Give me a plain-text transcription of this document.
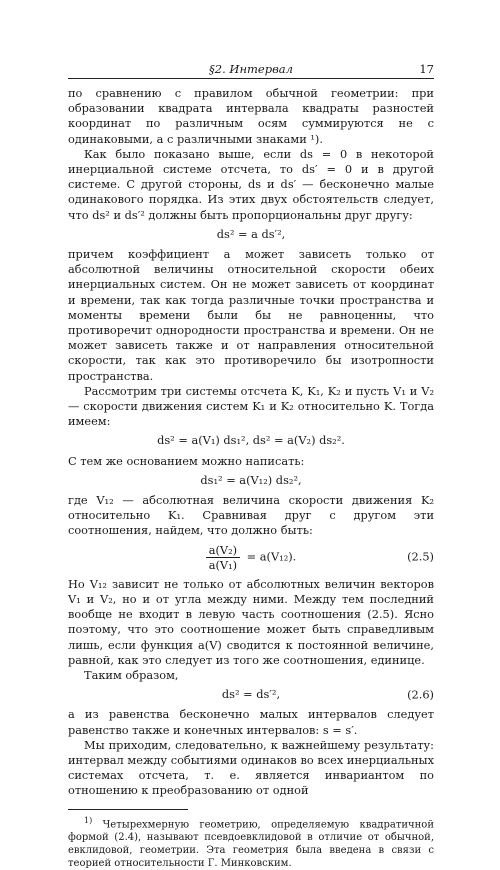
§2. Интервал	17

по сравнению с правилом обычной геометрии: при образовании квадрата интервала квадраты разностей координат по различным осям суммируются не с одинаковыми, а с различными знаками ¹).

Как было показано выше, если ds = 0 в некоторой инерциальной системе отсчета, то ds′ = 0 и в другой системе. С другой стороны, ds и ds′ — бесконечно малые одинакового порядка. Из этих двух обстоятельств следует, что ds² и ds′² должны быть пропорциональны друг другу:

ds² = a ds′²,

причем коэффициент a может зависеть только от абсолютной величины относительной скорости обеих инерциальных систем. Он не может зависеть от координат и времени, так как тогда различные точки пространства и моменты времени были бы не равноценны, что противоречит однородности пространства и времени. Он не может зависеть также и от направления относительной скорости, так как это противоречило бы изотропности пространства.

Рассмотрим три системы отсчета K, K₁, K₂ и пусть V₁ и V₂ — скорости движения систем K₁ и K₂ относительно K. Тогда имеем:

ds² = a(V₁) ds₁², ds² = a(V₂) ds₂².

С тем же основанием можно написать:

ds₁² = a(V₁₂) ds₂²,

где V₁₂ — абсолютная величина скорости движения K₂ относительно K₁. Сравнивая друг с другом эти соотношения, найдем, что должно быть:

$\frac{\text{a(V₂)}}{\text{a(V₁)}} = a(V_{12})$.	(2.5)

Но V₁₂ зависит не только от абсолютных величин векторов V₁ и V₂, но и от угла между ними. Между тем последний вообще не входит в левую часть соотношения (2.5). Ясно поэтому, что это соотношение может быть справедливым лишь, если функция a(V) сводится к постоянной величине, равной, как это следует из того же соотношения, единице.

Таким образом,

ds² = ds′²,	(2.6)

а из равенства бесконечно малых интервалов следует равенство также и конечных интервалов: s = s′.

Мы приходим, следовательно, к важнейшему результату: интервал между событиями одинаков во всех инерциальных системах отсчета, т. е. является инвариантом по отношению к преобразованию от одной

$^{1)}$ Четырехмерную геометрию, определяемую квадратичной формой (2.4), называют псевдоевклидовой в отличие от обычной, евклидовой, геометрии. Эта геометрия была введена в связи с теорией относительности Г. Минковским.
